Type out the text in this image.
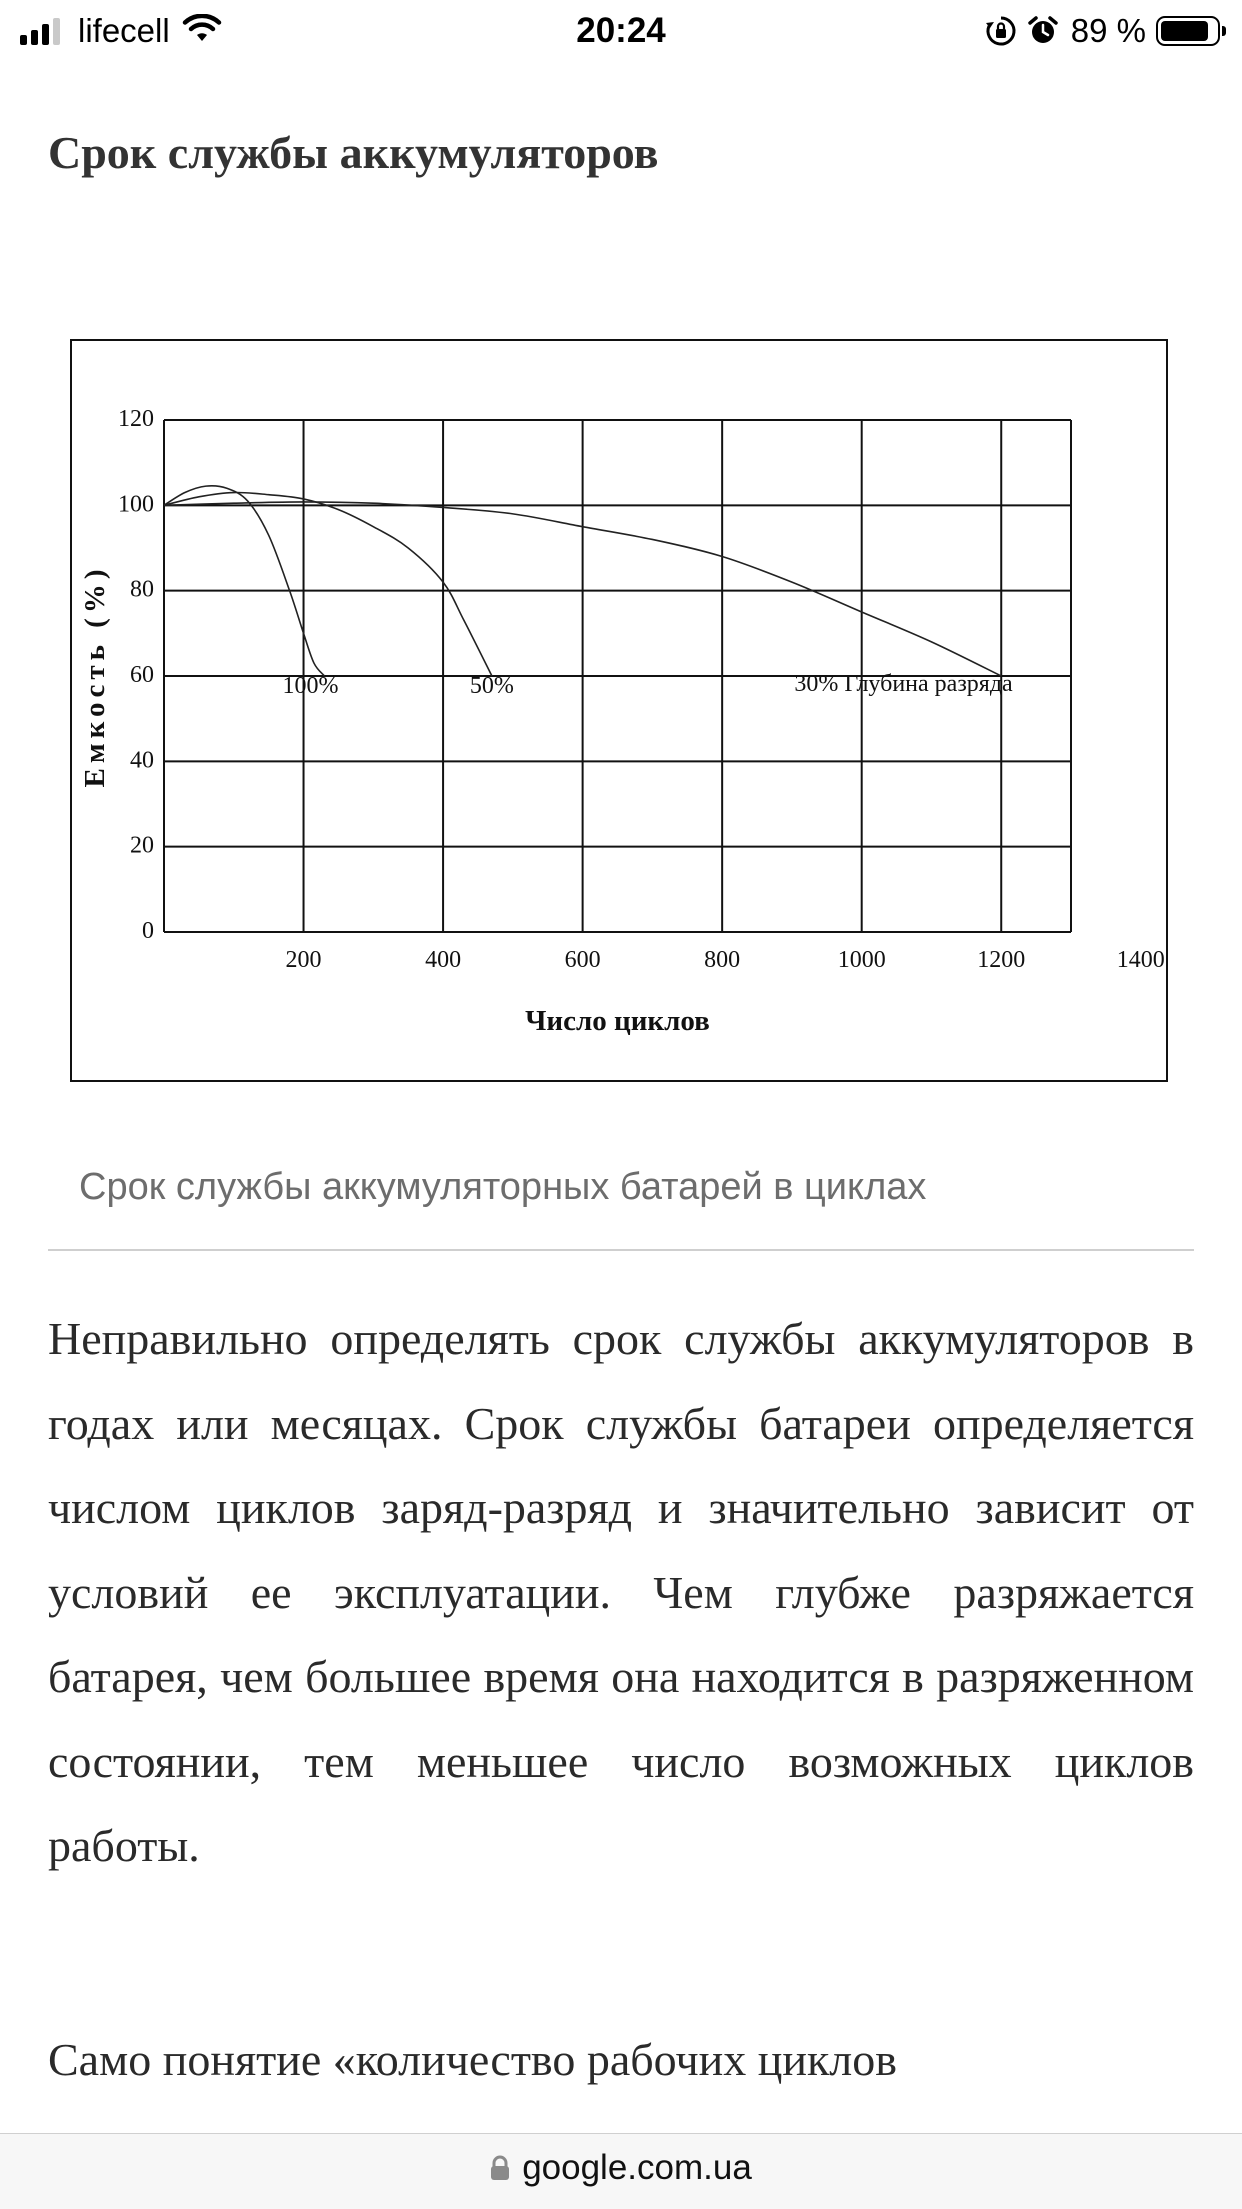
lifecell	20:24	89 %
Срок службы аккумуляторов
0
20
40
60
80
100
120
200	400	600	800	1000	1200	1400
Число циклов
Емкость (%)	100%	50%	30% Глубина разряда
Срок службы аккумуляторных батарей в циклах

Неправильно определять срок службы аккумуляторов в годах или месяцах. Срок службы батареи определяется числом циклов заряд-разряд и значительно зависит от условий ее эксплуатации. Чем глубже разряжается батарея, чем большее время она находится в разряженном состоянии, тем меньшее число возможных циклов работы.

Само понятие «количество рабочих циклов

google.com.ua
